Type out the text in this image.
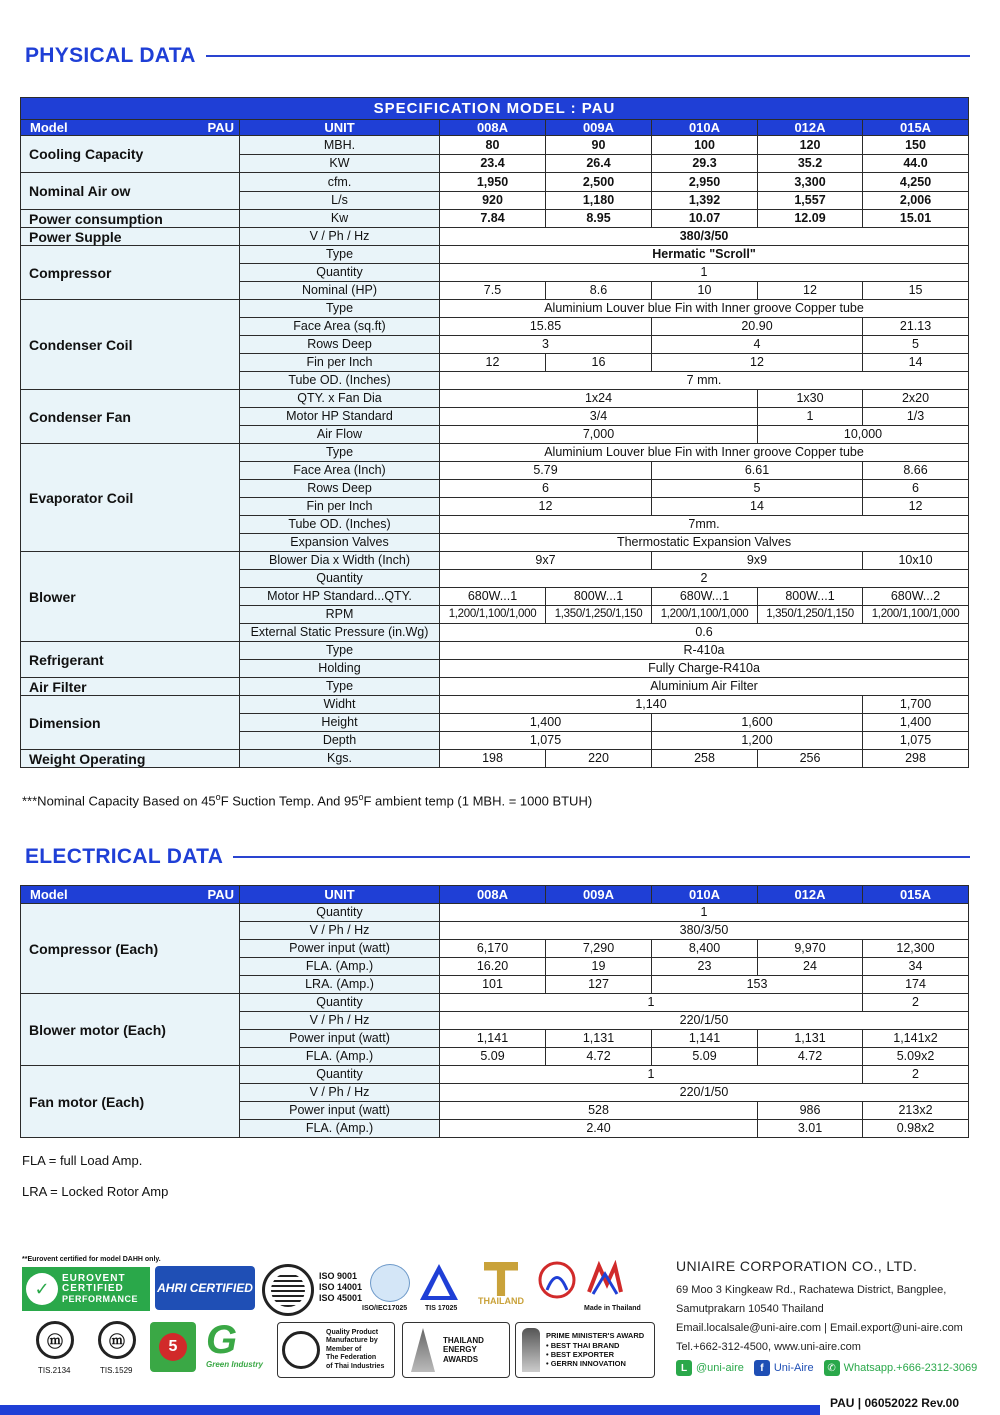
PHYSICAL DATA
SPECIFICATION MODEL : PAU						
Model PAU	UNIT	008A	009A	010A	012A	015A
Cooling Capacity	MBH.	80	90	100	120	150
	KW	23.4	26.4	29.3	35.2	44.0
Nominal Air ow	cfm.	1,950	2,500	2,950	3,300	4,250
	L/s	920	1,180	1,392	1,557	2,006
Power consumption	Kw	7.84	8.95	10.07	12.09	15.01
Power Supple	V / Ph / Hz	380/3/50				
Compressor	Type	Hermatic "Scroll"				
	Quantity	1				
	Nominal (HP)	7.5	8.6	10	12	15
Condenser Coil	Type	Aluminium Louver blue Fin with Inner groove Copper tube				
	Face Area (sq.ft)	15.85		20.90		21.13
	Rows Deep	3		4		5
	Fin per Inch	12	16	12		14
	Tube OD. (Inches)	7 mm.				
Condenser Fan	QTY. x Fan Dia	1x24			1x30	2x20
	Motor HP Standard	3/4			1	1/3
	Air Flow	7,000			10,000	
Evaporator Coil	Type	Aluminium Louver blue Fin with Inner groove Copper tube				
	Face Area (Inch)	5.79		6.61		8.66
	Rows Deep	6		5		6
	Fin per Inch	12		14		12
	Tube OD. (Inches)	7mm.				
	Expansion Valves	Thermostatic Expansion Valves				
Blower	Blower Dia x Width (Inch)	9x7		9x9		10x10
	Quantity	2				
	Motor HP Standard...QTY.	680W...1	800W...1	680W...1	800W...1	680W...2
	RPM	1,200/1,100/1,000	1,350/1,250/1,150	1,200/1,100/1,000	1,350/1,250/1,150	1,200/1,100/1,000
	External Static Pressure (in.Wg)	0.6				
Refrigerant	Type	R-410a				
	Holding	Fully Charge-R410a				
Air Filter	Type	Aluminium Air Filter				
Dimension	Widht	1,140				1,700
	Height	1,400		1,600		1,400
	Depth	1,075		1,200		1,075
Weight Operating	Kgs.	198	220	258	256	298
***Nominal Capacity Based on 45$^o$F Suction Temp. And 95$^o$F ambient temp (1 MBH. = 1000 BTUH)
ELECTRICAL DATA
Model PAU	UNIT	008A	009A	010A	012A	015A
Compressor (Each)	Quantity	1				
	V / Ph / Hz	380/3/50				
	Power input (watt)	6,170	7,290	8,400	9,970	12,300
	FLA. (Amp.)	16.20	19	23	24	34
	LRA. (Amp.)	101	127	153		174
Blower motor (Each)	Quantity	1				2
	V / Ph / Hz	220/1/50				
	Power input (watt)	1,141	1,131	1,141	1,131	1,141x2
	FLA. (Amp.)	5.09	4.72	5.09	4.72	5.09x2
Fan motor (Each)	Quantity	1				2
	V / Ph / Hz	220/1/50				
	Power input (watt)	528			986	213x2
	FLA. (Amp.)	2.40			3.01	0.98x2
FLA = full Load Amp.
LRA = Locked Rotor Amp
**Eurovent certified for model DAHH only.
✓
EUROVENT
CERTIFIED
PERFORMANCE
AHRI CERTIFIED
ISO 9001
ISO 14001
ISO 45001
ISO/IEC17025	TIS 17025
THAILAND
Made in Thailand
ⓜ
TIS.2134
ⓜ
TIS.1529
5 G
Green Industry
Quality Product
Manufacture by
Member of
The Federation
of Thai Industries
THAILAND
ENERGY
AWARDS
PRIME MINISTER'S AWARD
• BEST THAI BRAND
• BEST EXPORTER
• GERRN INNOVATION
UNIAIRE CORPORATION CO., LTD.
69 Moo 3 Kingkeaw Rd., Rachatewa District, Bangplee,
Samutprakarn 10540 Thailand
Email.localsale@uni-aire.com | Email.export@uni-aire.com
Tel.+662-312-4500, www.uni-aire.com
L @uni-aire	f Uni-Aire	✆ Whatsapp.+666-2312-3069
PAU | 06052022 Rev.00
